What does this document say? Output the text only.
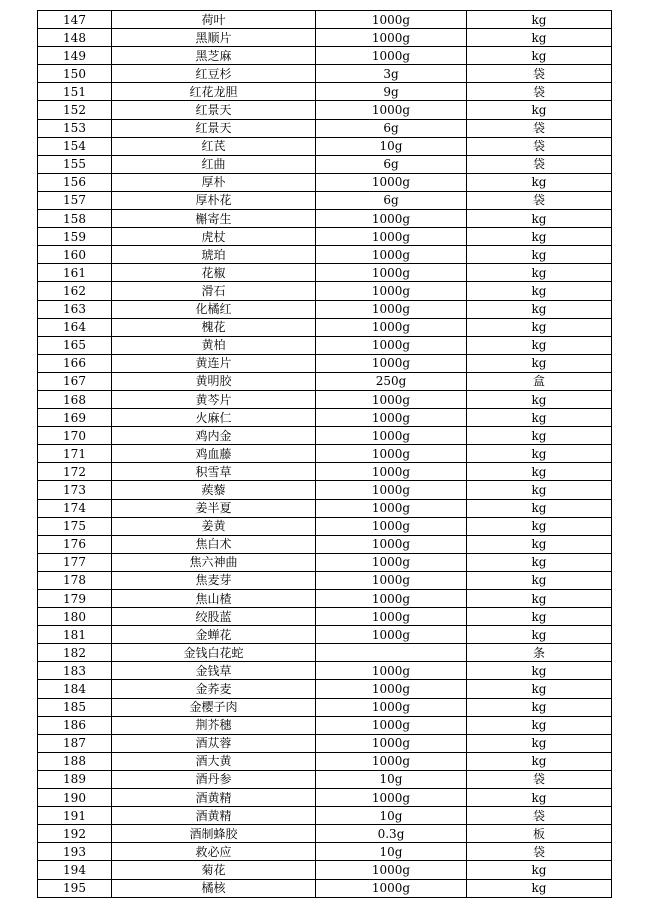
147	荷叶	1000g	kg
148	黑顺片	1000g	kg
149	黑芝麻	1000g	kg
150	红豆杉	3g	袋
151	红花龙胆	9g	袋
152	红景天	1000g	kg
153	红景天	6g	袋
154	红芪	10g	袋
155	红曲	6g	袋
156	厚朴	1000g	kg
157	厚朴花	6g	袋
158	槲寄生	1000g	kg
159	虎杖	1000g	kg
160	琥珀	1000g	kg
161	花椒	1000g	kg
162	滑石	1000g	kg
163	化橘红	1000g	kg
164	槐花	1000g	kg
165	黄柏	1000g	kg
166	黄连片	1000g	kg
167	黄明胶	250g	盒
168	黄芩片	1000g	kg
169	火麻仁	1000g	kg
170	鸡内金	1000g	kg
171	鸡血藤	1000g	kg
172	积雪草	1000g	kg
173	蒺藜	1000g	kg
174	姜半夏	1000g	kg
175	姜黄	1000g	kg
176	焦白术	1000g	kg
177	焦六神曲	1000g	kg
178	焦麦芽	1000g	kg
179	焦山楂	1000g	kg
180	绞股蓝	1000g	kg
181	金蝉花	1000g	kg
182	金钱白花蛇		条
183	金钱草	1000g	kg
184	金荞麦	1000g	kg
185	金樱子肉	1000g	kg
186	荆芥穗	1000g	kg
187	酒苁蓉	1000g	kg
188	酒大黄	1000g	kg
189	酒丹参	10g	袋
190	酒黄精	1000g	kg
191	酒黄精	10g	袋
192	酒制蜂胶	0.3g	板
193	救必应	10g	袋
194	菊花	1000g	kg
195	橘核	1000g	kg
